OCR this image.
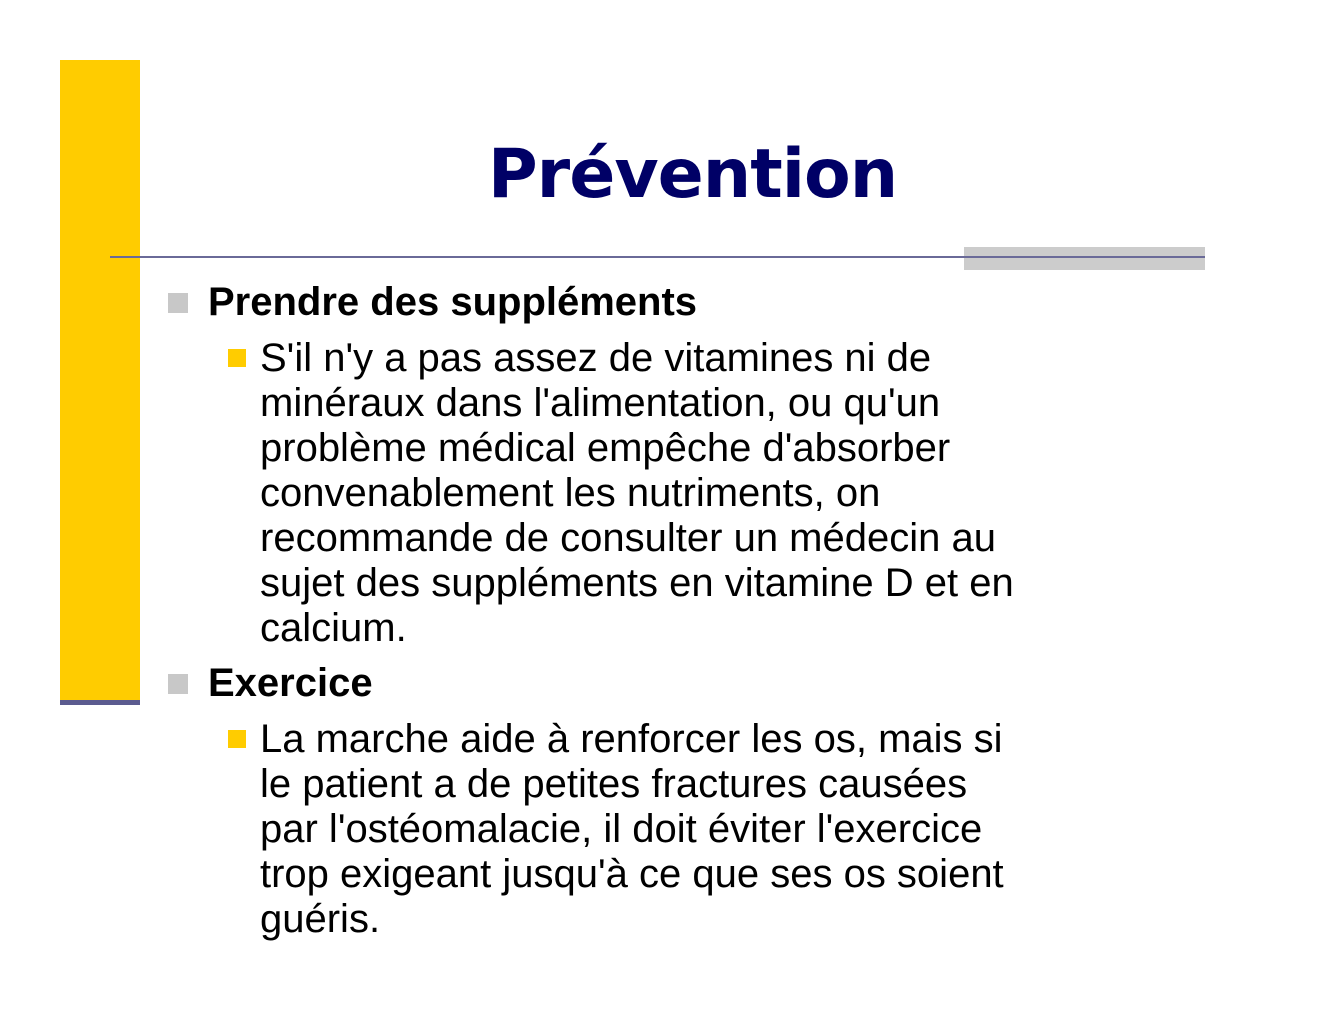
Prévention
Prendre des suppléments
S'il n'y a pas assez de vitamines ni de
minéraux dans l'alimentation, ou qu'un
problème médical empêche d'absorber
convenablement les nutriments, on
recommande de consulter un médecin au
sujet des suppléments en vitamine D et en
calcium.
Exercice
La marche aide à renforcer les os, mais si
le patient a de petites fractures causées
par l'ostéomalacie, il doit éviter l'exercice
trop exigeant jusqu'à ce que ses os soient
guéris.
